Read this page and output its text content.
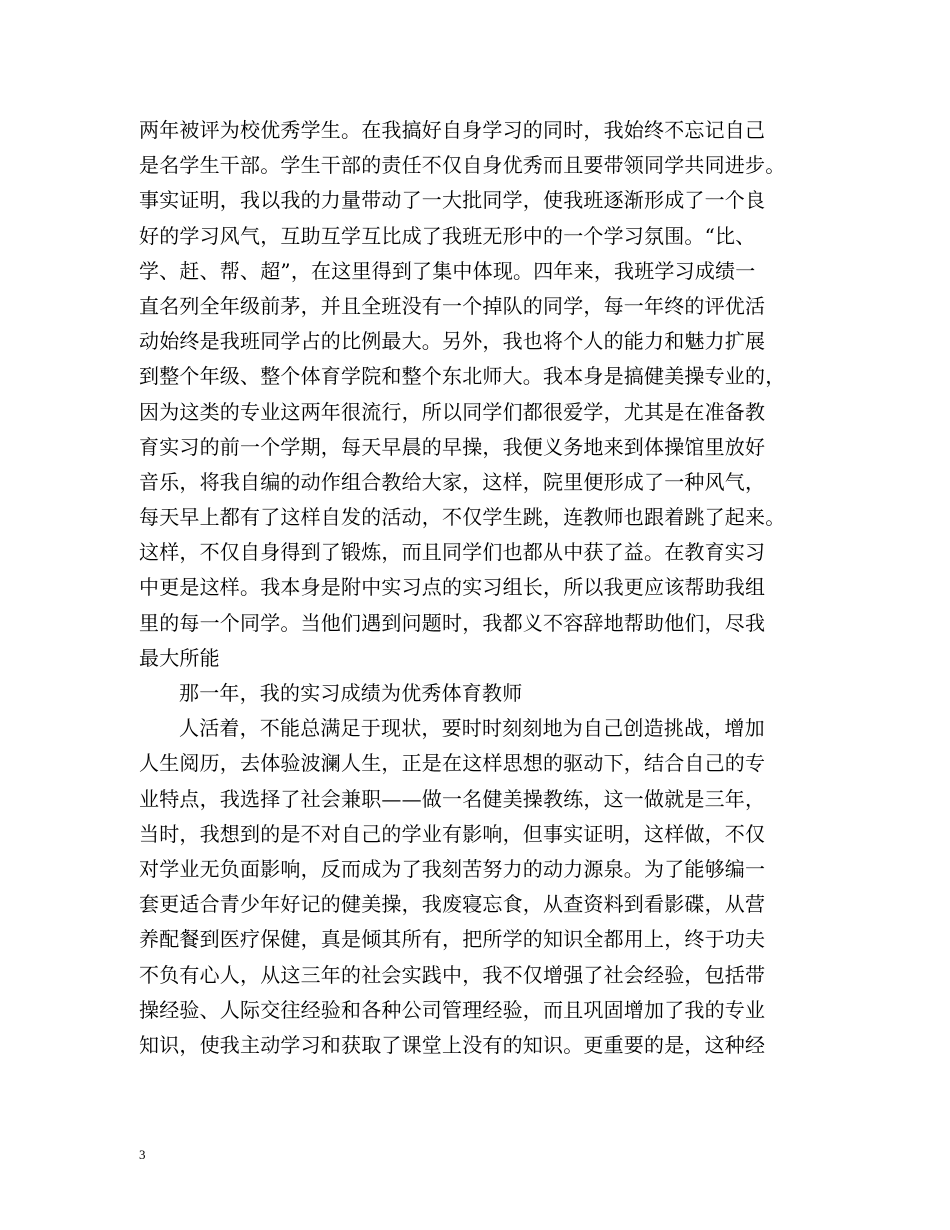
两年被评为校优秀学生。在我搞好自身学习的同时，我始终不忘记自己
是名学生干部。学生干部的责任不仅自身优秀而且要带领同学共同进步。
事实证明，我以我的力量带动了一大批同学，使我班逐渐形成了一个良
好的学习风气，互助互学互比成了我班无形中的一个学习氛围。“比、
学、赶、帮、超”，在这里得到了集中体现。四年来，我班学习成绩一
直名列全年级前茅，并且全班没有一个掉队的同学，每一年终的评优活
动始终是我班同学占的比例最大。另外，我也将个人的能力和魅力扩展
到整个年级、整个体育学院和整个东北师大。我本身是搞健美操专业的，
因为这类的专业这两年很流行，所以同学们都很爱学，尤其是在准备教
育实习的前一个学期，每天早晨的早操，我便义务地来到体操馆里放好
音乐，将我自编的动作组合教给大家，这样，院里便形成了一种风气，
每天早上都有了这样自发的活动，不仅学生跳，连教师也跟着跳了起来。
这样，不仅自身得到了锻炼，而且同学们也都从中获了益。在教育实习
中更是这样。我本身是附中实习点的实习组长，所以我更应该帮助我组
里的每一个同学。当他们遇到问题时，我都义不容辞地帮助他们，尽我
最大所能
那一年，我的实习成绩为优秀体育教师
人活着，不能总满足于现状，要时时刻刻地为自己创造挑战，增加
人生阅历，去体验波澜人生，正是在这样思想的驱动下，结合自己的专
业特点，我选择了社会兼职——做一名健美操教练，这一做就是三年，
当时，我想到的是不对自己的学业有影响，但事实证明，这样做，不仅
对学业无负面影响，反而成为了我刻苦努力的动力源泉。为了能够编一
套更适合青少年好记的健美操，我废寝忘食，从查资料到看影碟，从营
养配餐到医疗保健，真是倾其所有，把所学的知识全都用上，终于功夫
不负有心人，从这三年的社会实践中，我不仅增强了社会经验，包括带
操经验、人际交往经验和各种公司管理经验，而且巩固增加了我的专业
知识，使我主动学习和获取了课堂上没有的知识。更重要的是，这种经
3
